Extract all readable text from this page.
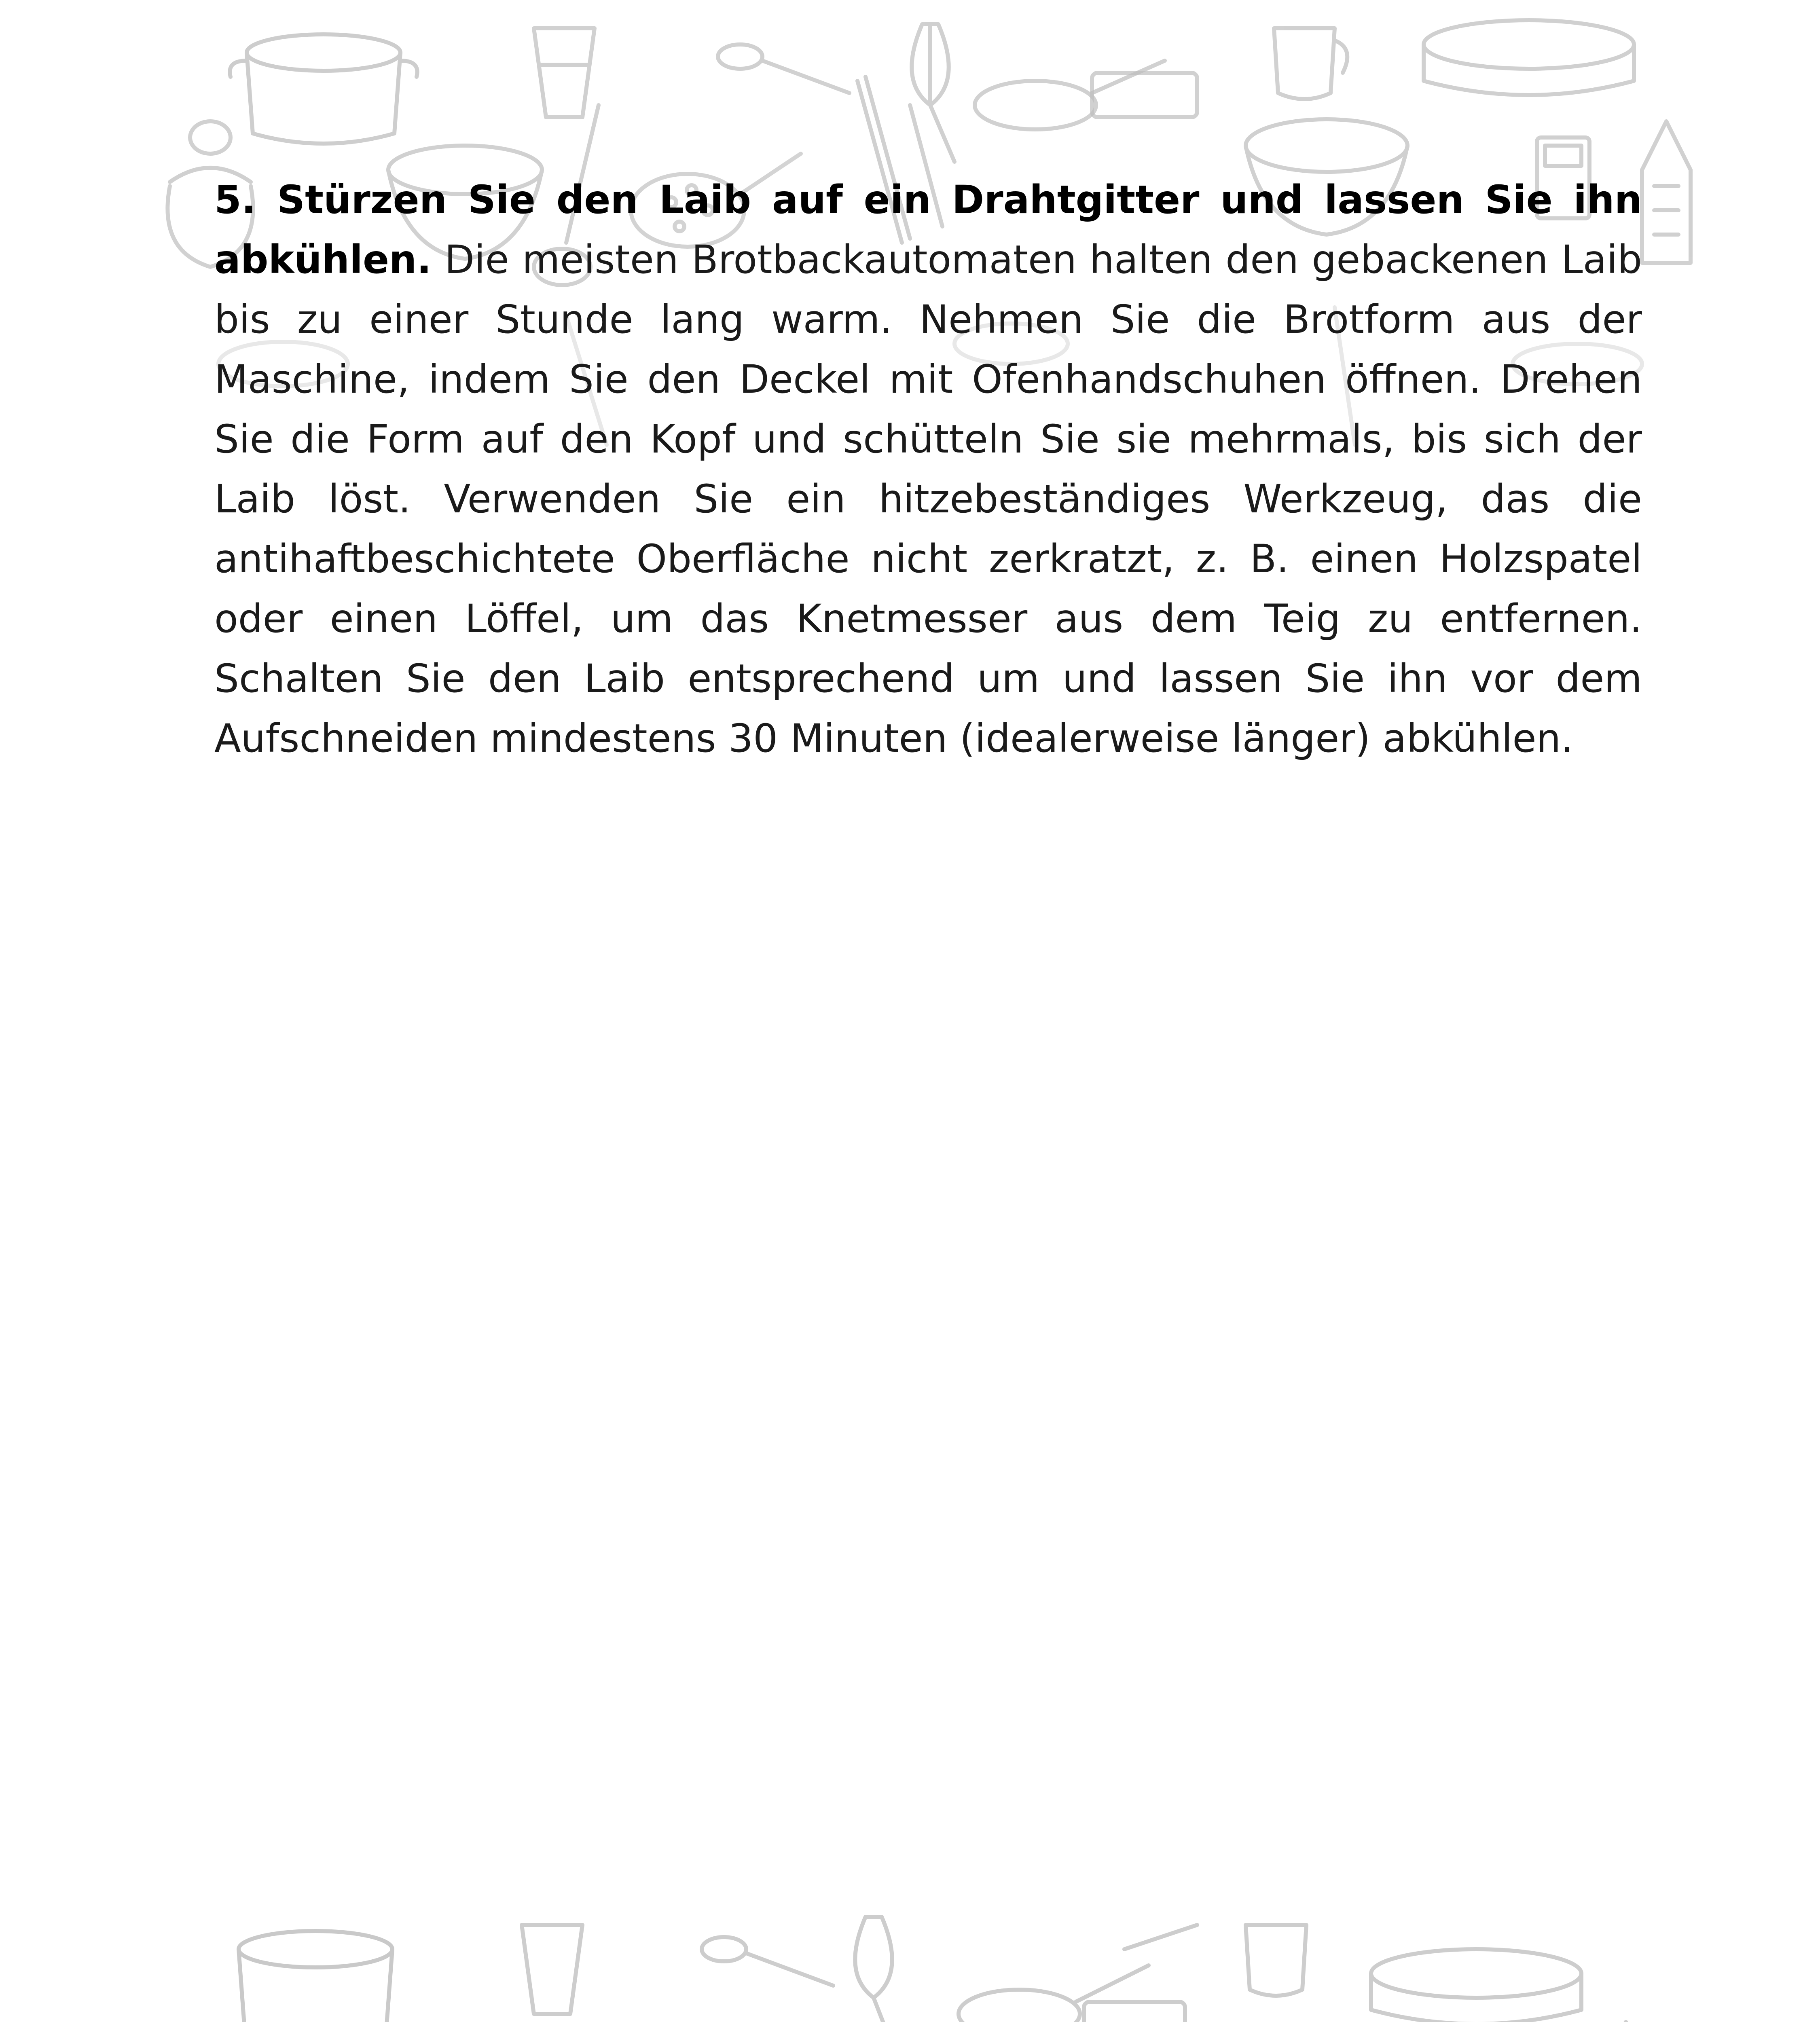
5. Stürzen Sie den Laib auf ein Drahtgitter und lassen Sie ihn abkühlen. Die meisten Brotbackautomaten halten den gebackenen Laib bis zu einer Stunde lang warm. Nehmen Sie die Brotform aus der Maschine, indem Sie den Deckel mit Ofenhandschuhen öffnen. Drehen Sie die Form auf den Kopf und schütteln Sie sie mehrmals, bis sich der Laib löst. Verwenden Sie ein hitzebeständiges Werkzeug, das die antihaftbeschichtete Oberfläche nicht zerkratzt, z. B. einen Holzspatel oder einen Löffel, um das Knetmesser aus dem Teig zu entfernen. Schalten Sie den Laib entsprechend um und lassen Sie ihn vor dem Aufschneiden mindestens 30 Minuten (idealerweise länger) abkühlen.
